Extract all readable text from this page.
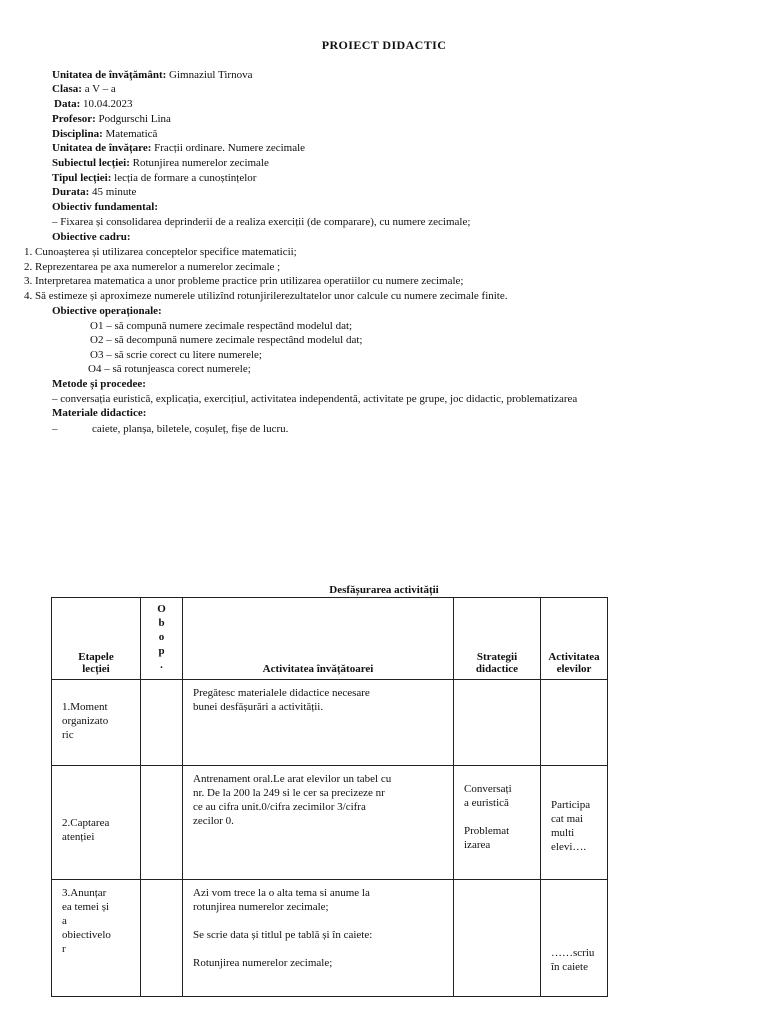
PROIECT DIDACTIC
Unitatea de învățământ: Gimnaziul Tirnova
Clasa: a V – a
Data: 10.04.2023
Profesor: Podgurschi Lina
Disciplina: Matematică
Unitatea de învățare: Fracții ordinare. Numere zecimale
Subiectul lecției: Rotunjirea numerelor zecimale
Tipul lecției: lecția de formare a cunoștințelor
Durata: 45 minute
Obiectiv fundamental:
– Fixarea și consolidarea deprinderii de a realiza exerciții (de comparare), cu numere zecimale;
Obiective cadru:
1. Cunoașterea și utilizarea conceptelor specifice matematicii;
2. Reprezentarea pe axa numerelor a numerelor zecimale ;
3. Interpretarea matematica a unor probleme practice prin utilizarea operatiilor cu numere zecimale;
4. Să estimeze și aproximeze numerele utilizînd rotunjirilerezultatelor unor calcule cu numere zecimale finite.
Obiective operaționale:
O1 – să compună numere zecimale respectând modelul dat;
O2 – să decompună numere zecimale respectând modelul dat;
O3 – să scrie corect cu litere numerele;
O4 – să rotunjeasca corect numerele;
Metode și procedee:
– conversația euristică, explicația, exercițiul, activitatea independentă, activitate pe grupe, joc didactic, problematizarea
Materiale didactice:
–	caiete, planșa, biletele, coșuleț, fișe de lucru.
Desfășurarea activității
Etapele
lecției	O
b
o
p
.	Activitatea învățătoarei	Strategii
didactice	Activitatea
elevilor

1.Moment
organizato
ric		Pregătesc materialele didactice necesare
bunei desfășurări a activității.		

2.Captarea
atenției		Antrenament oral.Le arat elevilor un tabel cu
nr. De la 200 la 249 si le cer sa precizeze nr
ce au cifra unit.0/cifra zecimilor 3/cifra
zecilor 0.	Conversați
a euristică

Problemat
izarea	Participa
cat mai
multi
elevi….

3.Anunțar
ea temei și
a
obiectivelo
r		Azi vom trece la o alta tema si anume la
rotunjirea numerelor zecimale;

Se scrie data și titlul pe tablă și în caiete:

Rotunjirea numerelor zecimale;		……scriu
în caiete
